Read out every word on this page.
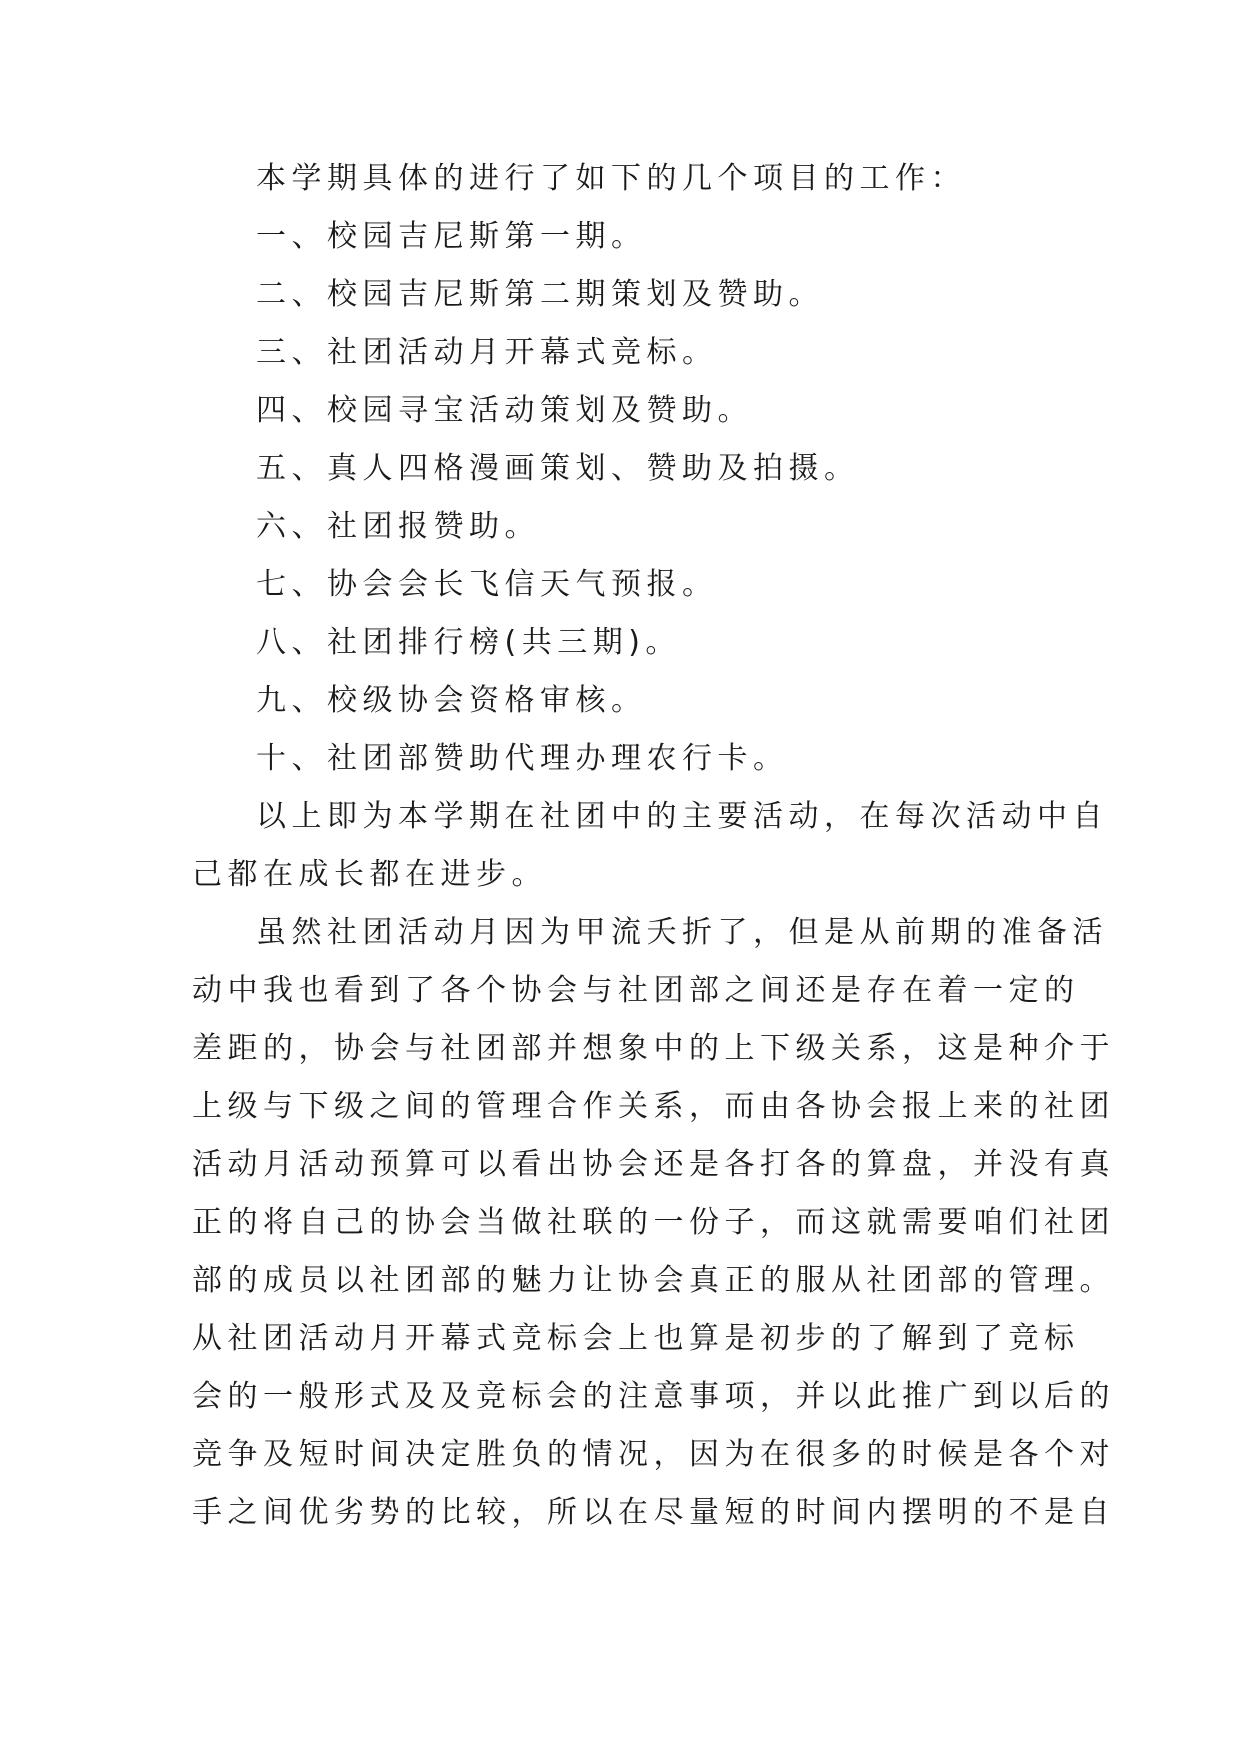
本学期具体的进行了如下的几个项目的工作：
一、校园吉尼斯第一期。
二、校园吉尼斯第二期策划及赞助。
三、社团活动月开幕式竞标。
四、校园寻宝活动策划及赞助。
五、真人四格漫画策划、赞助及拍摄。
六、社团报赞助。
七、协会会长飞信天气预报。
八、社团排行榜(共三期)。
九、校级协会资格审核。
十、社团部赞助代理办理农行卡。
以上即为本学期在社团中的主要活动，在每次活动中自
己都在成长都在进步。
虽然社团活动月因为甲流夭折了，但是从前期的准备活
动中我也看到了各个协会与社团部之间还是存在着一定的
差距的，协会与社团部并想象中的上下级关系，这是种介于
上级与下级之间的管理合作关系，而由各协会报上来的社团
活动月活动预算可以看出协会还是各打各的算盘，并没有真
正的将自己的协会当做社联的一份子，而这就需要咱们社团
部的成员以社团部的魅力让协会真正的服从社团部的管理。
从社团活动月开幕式竞标会上也算是初步的了解到了竞标
会的一般形式及及竞标会的注意事项，并以此推广到以后的
竞争及短时间决定胜负的情况，因为在很多的时候是各个对
手之间优劣势的比较，所以在尽量短的时间内摆明的不是自
